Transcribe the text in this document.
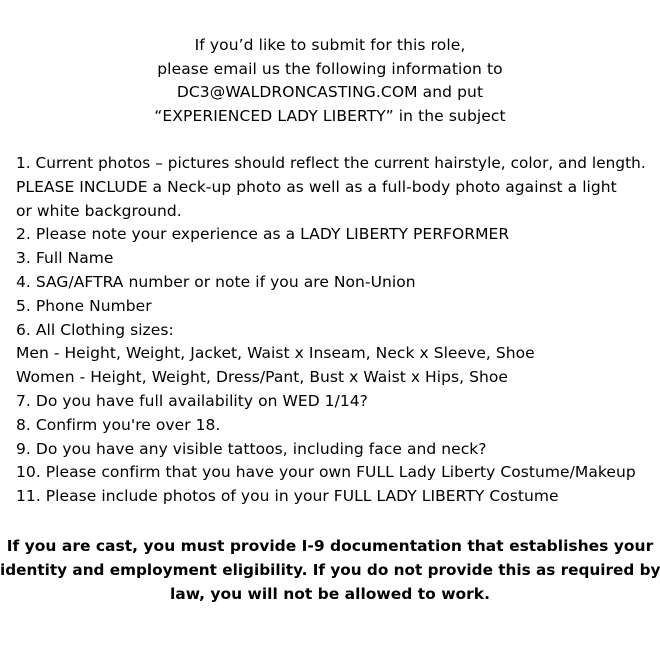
If you’d like to submit for this role,
please email us the following information to
DC3@WALDRONCASTING.COM and put
“EXPERIENCED LADY LIBERTY” in the subject
1. Current photos – pictures should reflect the current hairstyle, color, and length.
PLEASE INCLUDE a Neck-up photo as well as a full-body photo against a light
or white background.
2. Please note your experience as a LADY LIBERTY PERFORMER
3. Full Name
4. SAG/AFTRA number or note if you are Non-Union
5. Phone Number
6. All Clothing sizes:
Men - Height, Weight, Jacket, Waist x Inseam, Neck x Sleeve, Shoe
Women - Height, Weight, Dress/Pant, Bust x Waist x Hips, Shoe
7. Do you have full availability on WED 1/14?
8. Confirm you're over 18.
9. Do you have any visible tattoos, including face and neck?
10. Please confirm that you have your own FULL Lady Liberty Costume/Makeup
11. Please include photos of you in your FULL LADY LIBERTY Costume
If you are cast, you must provide I-9 documentation that establishes your
identity and employment eligibility. If you do not provide this as required by
law, you will not be allowed to work.
